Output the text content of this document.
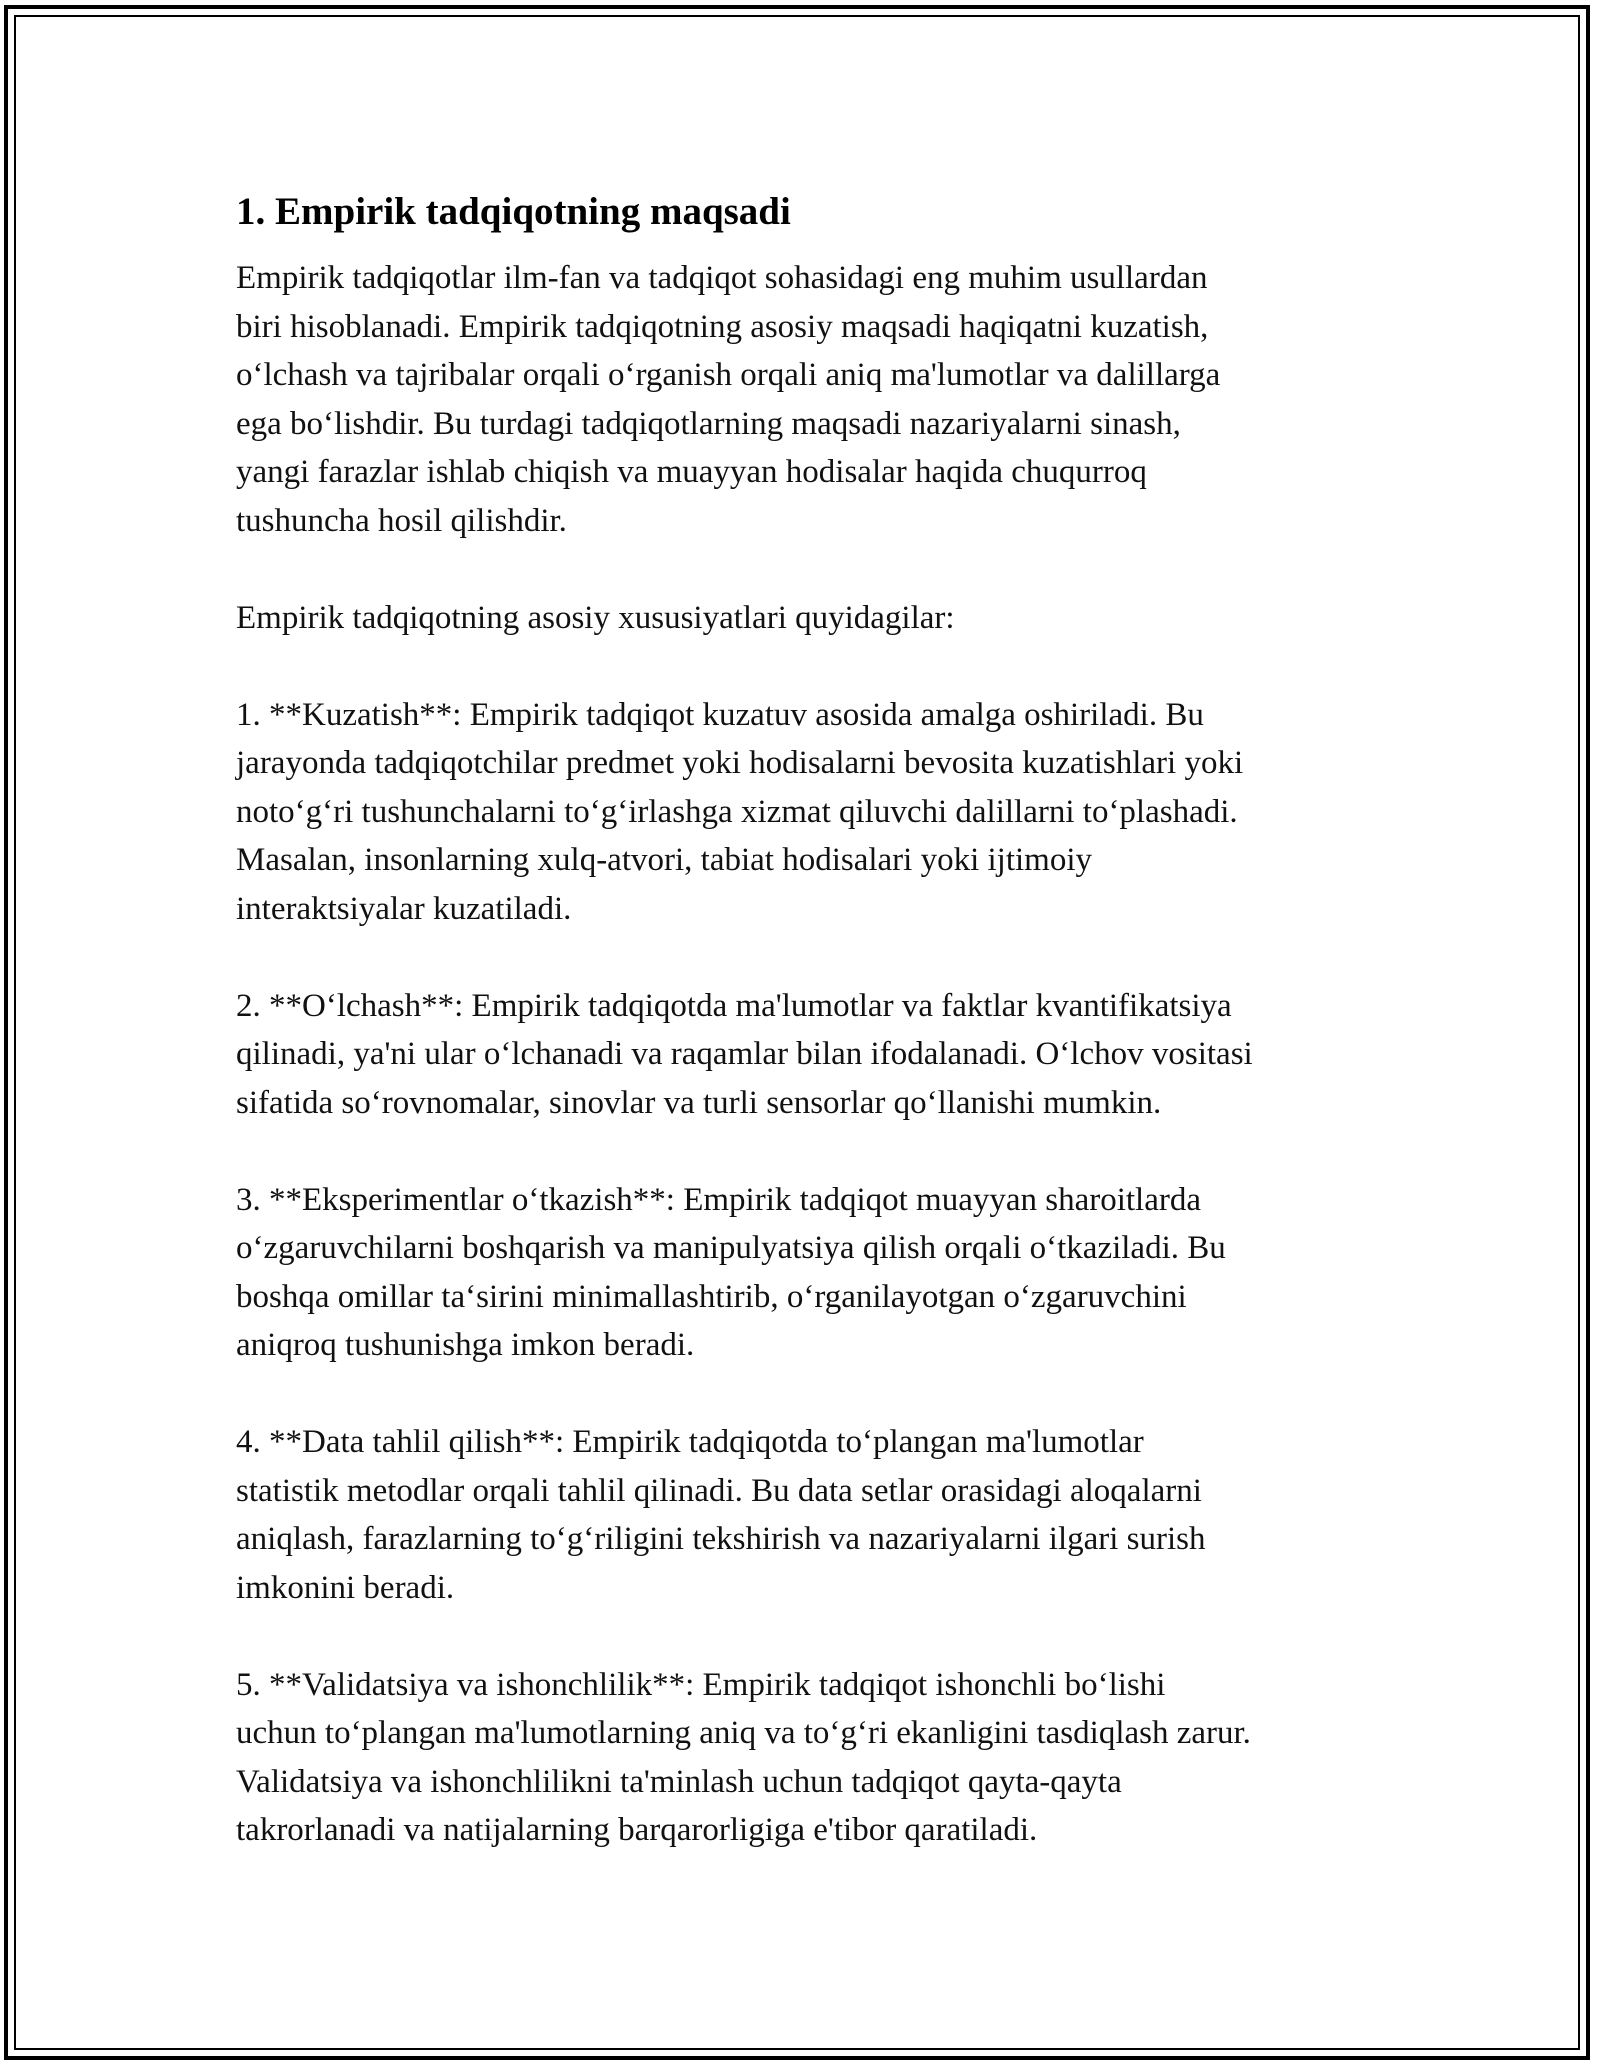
1. Empirik tadqiqotning maqsadi

Empirik tadqiqotlar ilm-fan va tadqiqot sohasidagi eng muhim usullardan
biri hisoblanadi. Empirik tadqiqotning asosiy maqsadi haqiqatni kuzatish,
o‘lchash va tajribalar orqali o‘rganish orqali aniq ma'lumotlar va dalillarga
ega bo‘lishdir. Bu turdagi tadqiqotlarning maqsadi nazariyalarni sinash,
yangi farazlar ishlab chiqish va muayyan hodisalar haqida chuqurroq
tushuncha hosil qilishdir.

Empirik tadqiqotning asosiy xususiyatlari quyidagilar:

1. **Kuzatish**: Empirik tadqiqot kuzatuv asosida amalga oshiriladi. Bu
jarayonda tadqiqotchilar predmet yoki hodisalarni bevosita kuzatishlari yoki
noto‘g‘ri tushunchalarni to‘g‘irlashga xizmat qiluvchi dalillarni to‘plashadi.
Masalan, insonlarning xulq-atvori, tabiat hodisalari yoki ijtimoiy
interaktsiyalar kuzatiladi.

2. **O‘lchash**: Empirik tadqiqotda ma'lumotlar va faktlar kvantifikatsiya
qilinadi, ya'ni ular o‘lchanadi va raqamlar bilan ifodalanadi. O‘lchov vositasi
sifatida so‘rovnomalar, sinovlar va turli sensorlar qo‘llanishi mumkin.

3. **Eksperimentlar o‘tkazish**: Empirik tadqiqot muayyan sharoitlarda
o‘zgaruvchilarni boshqarish va manipulyatsiya qilish orqali o‘tkaziladi. Bu
boshqa omillar ta‘sirini minimallashtirib, o‘rganilayotgan o‘zgaruvchini
aniqroq tushunishga imkon beradi.

4. **Data tahlil qilish**: Empirik tadqiqotda to‘plangan ma'lumotlar
statistik metodlar orqali tahlil qilinadi. Bu data setlar orasidagi aloqalarni
aniqlash, farazlarning to‘g‘riligini tekshirish va nazariyalarni ilgari surish
imkonini beradi.

5. **Validatsiya va ishonchlilik**: Empirik tadqiqot ishonchli bo‘lishi
uchun to‘plangan ma'lumotlarning aniq va to‘g‘ri ekanligini tasdiqlash zarur.
Validatsiya va ishonchlilikni ta'minlash uchun tadqiqot qayta-qayta
takrorlanadi va natijalarning barqarorligiga e'tibor qaratiladi.
